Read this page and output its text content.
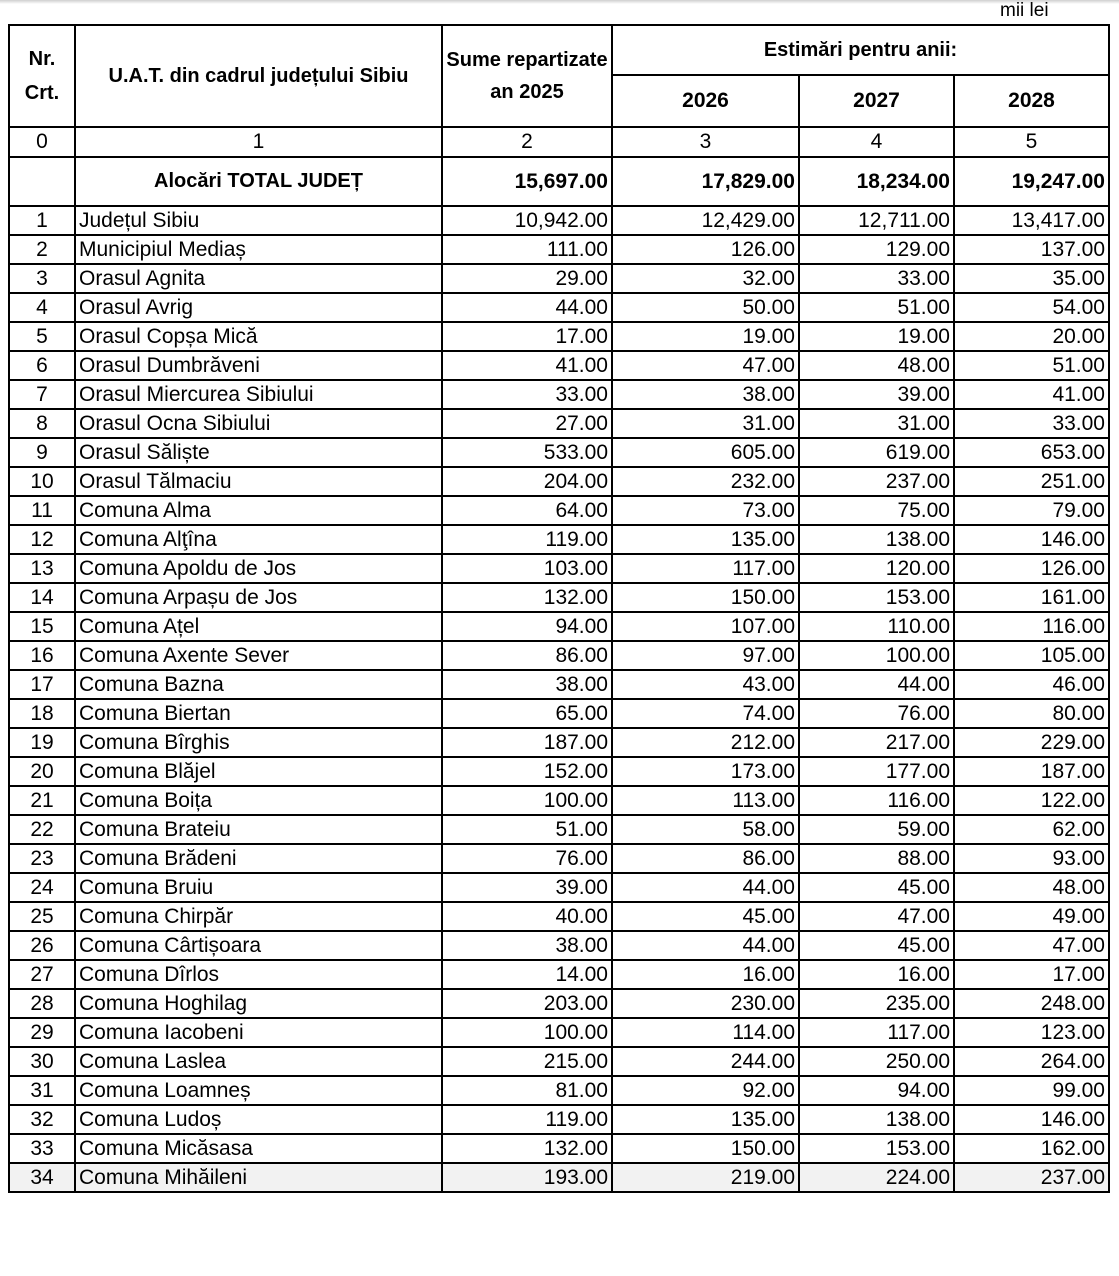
mii lei
Nr. Crt.	U.A.T. din cadrul județului Sibiu	Sume repartizate an 2025	Estimări pentru anii:		
			2026	2027	2028
0	1	2	3	4	5
	Alocări TOTAL JUDEȚ	15,697.00	17,829.00	18,234.00	19,247.00
1	Județul Sibiu	10,942.00	12,429.00	12,711.00	13,417.00
2	Municipiul Mediaș	111.00	126.00	129.00	137.00
3	Orasul Agnita	29.00	32.00	33.00	35.00
4	Orasul Avrig	44.00	50.00	51.00	54.00
5	Orasul Copșa Mică	17.00	19.00	19.00	20.00
6	Orasul Dumbrăveni	41.00	47.00	48.00	51.00
7	Orasul Miercurea Sibiului	33.00	38.00	39.00	41.00
8	Orasul Ocna Sibiului	27.00	31.00	31.00	33.00
9	Orasul Săliște	533.00	605.00	619.00	653.00
10	Orasul Tălmaciu	204.00	232.00	237.00	251.00
11	Comuna Alma	64.00	73.00	75.00	79.00
12	Comuna Alţîna	119.00	135.00	138.00	146.00
13	Comuna Apoldu de Jos	103.00	117.00	120.00	126.00
14	Comuna Arpașu de Jos	132.00	150.00	153.00	161.00
15	Comuna Ațel	94.00	107.00	110.00	116.00
16	Comuna Axente Sever	86.00	97.00	100.00	105.00
17	Comuna Bazna	38.00	43.00	44.00	46.00
18	Comuna Biertan	65.00	74.00	76.00	80.00
19	Comuna Bîrghis	187.00	212.00	217.00	229.00
20	Comuna Blăjel	152.00	173.00	177.00	187.00
21	Comuna Boița	100.00	113.00	116.00	122.00
22	Comuna Brateiu	51.00	58.00	59.00	62.00
23	Comuna Brădeni	76.00	86.00	88.00	93.00
24	Comuna Bruiu	39.00	44.00	45.00	48.00
25	Comuna Chirpăr	40.00	45.00	47.00	49.00
26	Comuna Cârtișoara	38.00	44.00	45.00	47.00
27	Comuna Dîrlos	14.00	16.00	16.00	17.00
28	Comuna Hoghilag	203.00	230.00	235.00	248.00
29	Comuna Iacobeni	100.00	114.00	117.00	123.00
30	Comuna Laslea	215.00	244.00	250.00	264.00
31	Comuna Loamneș	81.00	92.00	94.00	99.00
32	Comuna Ludoș	119.00	135.00	138.00	146.00
33	Comuna Micăsasa	132.00	150.00	153.00	162.00
34	Comuna Mihăileni	193.00	219.00	224.00	237.00
